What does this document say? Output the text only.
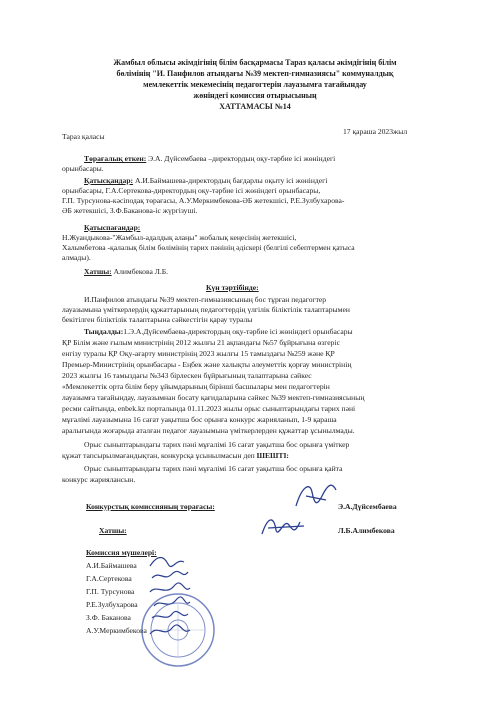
Жамбыл облысы әкімдігінің білім басқармасы Тараз қаласы әкімдігінің білім
бөлімінің "И. Панфилов атындағы №39 мектеп-гимназиясы" коммуналдық
мемлекеттік мекемесінің педагогтерін лауазымға тағайындау
жөніндегі комиссия отырысының
ХАТТАМАСЫ №14
Тараз қаласы
17 қараша 2023жыл
Төрағалық еткен: Э.А. Дүйсембаева –директордың оқу-тәрбие ісі жөніндегі
орынбасары.
Қатысқандар: А.И.Баймашева-директордың бағдарлы оқыту ісі жөніндегі
орынбасары, Г.А.Сертекова-директордың оқу-тәрбие ісі жөніндегі орынбасары,
Г.П. Турсунова-кәсіподақ төрағасы, А.У.Меркимбекова-ӘБ жетекшісі, Р.Е.Зулбухарова-
ӘБ жетекшісі, З.Ф.Баканова-іс жүргізуші.
Қатыспағандар:
Н.Жуандыкова-"Жамбыл-адалдық алаңы" жобалық кеңесінің жетекшісі,
Халымбетова -қалалық білім бөлімінің тарих пәнінің әдіскері (белгілі себептермен қатыса
алмады).
Хатшы: Алимбекова Л.Б.
Күн тәртібінде:
И.Панфилов атындағы №39 мектеп-гимназиясының бос тұрған педагогтер
лауазымына үміткерлердің құжаттарының педагогтердің үлгілік біліктілік талаптарымен
бекітілген біліктілік талаптарына сәйкестігін қарау туралы
Тыңдалды:1.Э.А.Дүйсембаева-директордың оқу-тәрбие ісі жөніндегі орынбасары
ҚР Білім және ғылым министрінің 2012 жылғы 21 ақпандағы №57 бұйрығына өзгеріс
енгізу туралы ҚР Оқу-ағарту министрінің 2023 жылғы 15 тамыздағы №259 және ҚР
Премьер-Министрінің орынбасары - Еңбек және халықты әлеуметтік қорғау министрінің
2023 жылғы 16 тамыздағы №343 бірлескен бұйрығының талаптарына сәйкес
«Мемлекеттік орта білім беру ұйымдарының бірінші басшылары мен педагогтерін
лауазымға тағайындау, лауазымнан босату қағидаларына сәйкес №39 мектеп-гимназиясының
ресми сайтында, enbek.kz порталында 01.11.2023 жылы орыс сыныптарындағы тарих пәні
мұғалімі лауазымына 16 сағат уақытша бос орынға конкурс жарияланып, 1-9 қараша
аралығында жоғарыда аталған педагог лауазымына үміткерлерден құжаттар ұсынылмады.
Орыс сыныптарындағы тарих пәні мұғалімі 16 сағат уақытша бос орынға үміткер
құжат тапсырылмағандықтан, конкурсқа ұсынылмасын деп ШЕШТІ:
Орыс сыныптарындағы тарих пәні мұғалімі 16 сағат уақытша бос орынға қайта
конкурс жариялансын.
Конкурстық комиссияның төрағасы:	Э.А.Дүйсембаева
Хатшы:	Л.Б.Алимбекова
Комиссия мүшелері:
А.И.Баймашева
Г.А.Сертекова
Г.П. Турсунова
Р.Е.Зулбухарова
З.Ф. Баканова
А.У.Меркимбекова
